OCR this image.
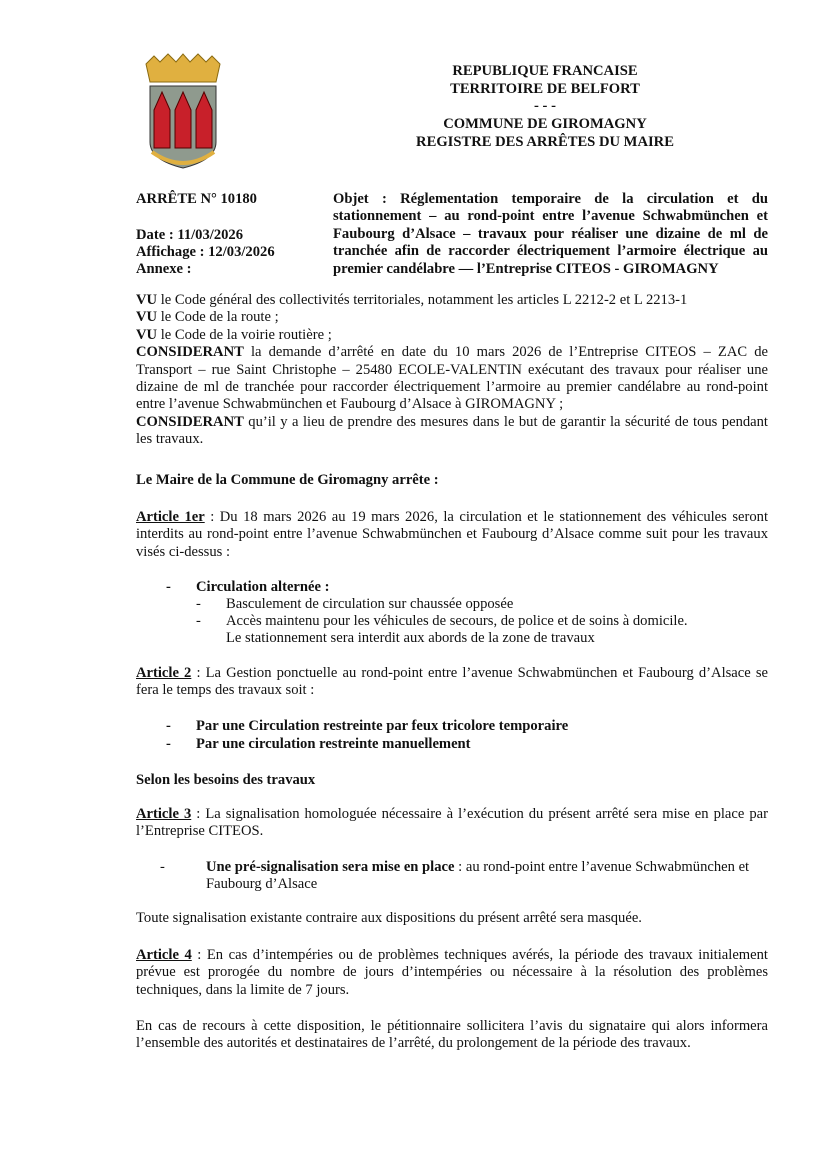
REPUBLIQUE FRANCAISE
TERRITOIRE DE BELFORT
- - -
COMMUNE DE GIROMAGNY
REGISTRE DES ARRÊTES DU MAIRE
ARRÊTE N° 10180
Date : 11/03/2026
Affichage : 12/03/2026
Annexe :
Objet : Réglementation temporaire de la circulation et du stationnement – au rond-point entre l’avenue Schwabmünchen et Faubourg d’Alsace – travaux pour réaliser une dizaine de ml de tranchée afin de raccorder électriquement l’armoire électrique au premier candélabre — l’Entreprise CITEOS - GIROMAGNY
VU le Code général des collectivités territoriales, notamment les articles L 2212-2 et L 2213-1
VU le Code de la route ;
VU le Code de la voirie routière ;
CONSIDERANT la demande d’arrêté en date du 10 mars 2026 de l’Entreprise CITEOS – ZAC de Transport – rue Saint Christophe – 25480 ECOLE-VALENTIN exécutant des travaux pour réaliser une dizaine de ml de tranchée pour raccorder électriquement l’armoire au premier candélabre au rond-point entre l’avenue Schwabmünchen et Faubourg d’Alsace à GIROMAGNY ;
CONSIDERANT qu’il y a lieu de prendre des mesures dans le but de garantir la sécurité de tous pendant les travaux.
Le Maire de la Commune de Giromagny arrête :
Article 1er : Du 18 mars 2026 au 19 mars 2026, la circulation et le stationnement des véhicules seront interdits au rond-point entre l’avenue Schwabmünchen et Faubourg d’Alsace comme suit pour les travaux visés ci-dessus :
- Circulation alternée :
- Basculement de circulation sur chaussée opposée
- Accès maintenu pour les véhicules de secours, de police et de soins à domicile.
Le stationnement sera interdit aux abords de la zone de travaux
Article 2 : La Gestion ponctuelle au rond-point entre l’avenue Schwabmünchen et Faubourg d’Alsace se fera le temps des travaux soit :
- Par une Circulation restreinte par feux tricolore temporaire
- Par une circulation restreinte manuellement
Selon les besoins des travaux
Article 3 : La signalisation homologuée nécessaire à l’exécution du présent arrêté sera mise en place par l’Entreprise CITEOS.
-	Une pré-signalisation sera mise en place : au rond-point entre l’avenue Schwabmünchen et Faubourg d’Alsace
Toute signalisation existante contraire aux dispositions du présent arrêté sera masquée.
Article 4 : En cas d’intempéries ou de problèmes techniques avérés, la période des travaux initialement prévue est prorogée du nombre de jours d’intempéries ou nécessaire à la résolution des problèmes techniques, dans la limite de 7 jours.
En cas de recours à cette disposition, le pétitionnaire sollicitera l’avis du signataire qui alors informera l’ensemble des autorités et destinataires de l’arrêté, du prolongement de la période des travaux.
